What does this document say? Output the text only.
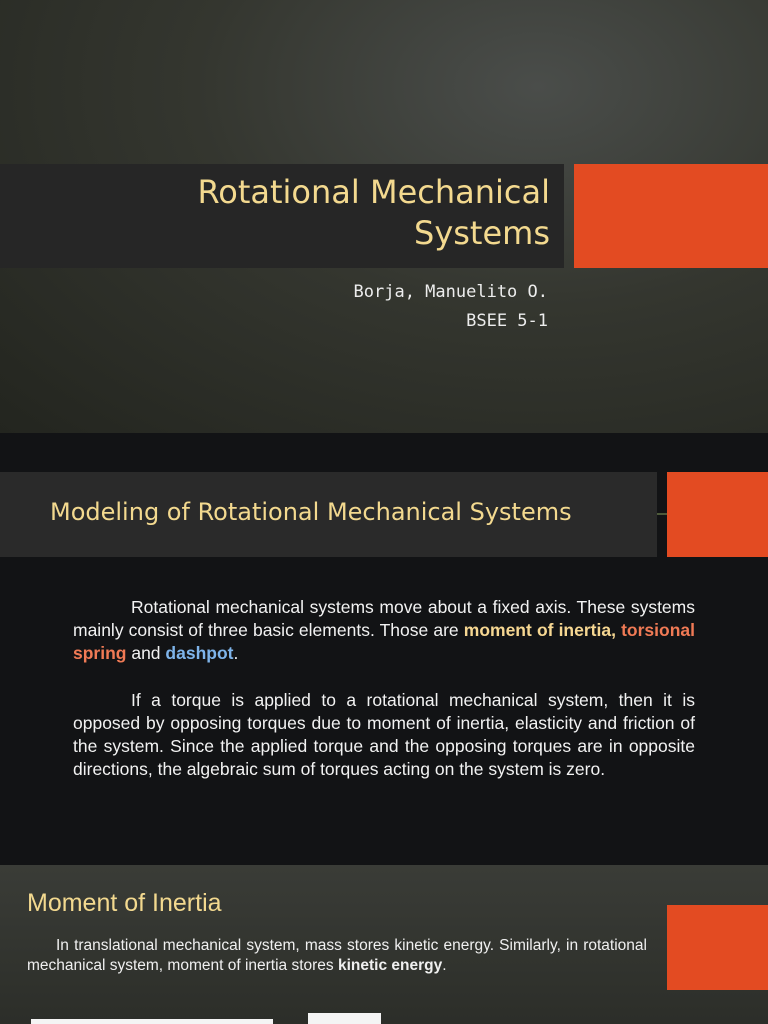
Rotational Mechanical
Systems
Borja, Manuelito O.
BSEE 5-1
Modeling of Rotational Mechanical Systems

Rotational mechanical systems move about a fixed axis. These systems mainly consist of three basic elements. Those are moment of inertia, torsional spring and dashpot.

If a torque is applied to a rotational mechanical system, then it is opposed by opposing torques due to moment of inertia, elasticity and friction of the system. Since the applied torque and the opposing torques are in opposite directions, the algebraic sum of torques acting on the system is zero.

Moment of Inertia

In translational mechanical system, mass stores kinetic energy. Similarly, in rotational mechanical system, moment of inertia stores kinetic energy.
